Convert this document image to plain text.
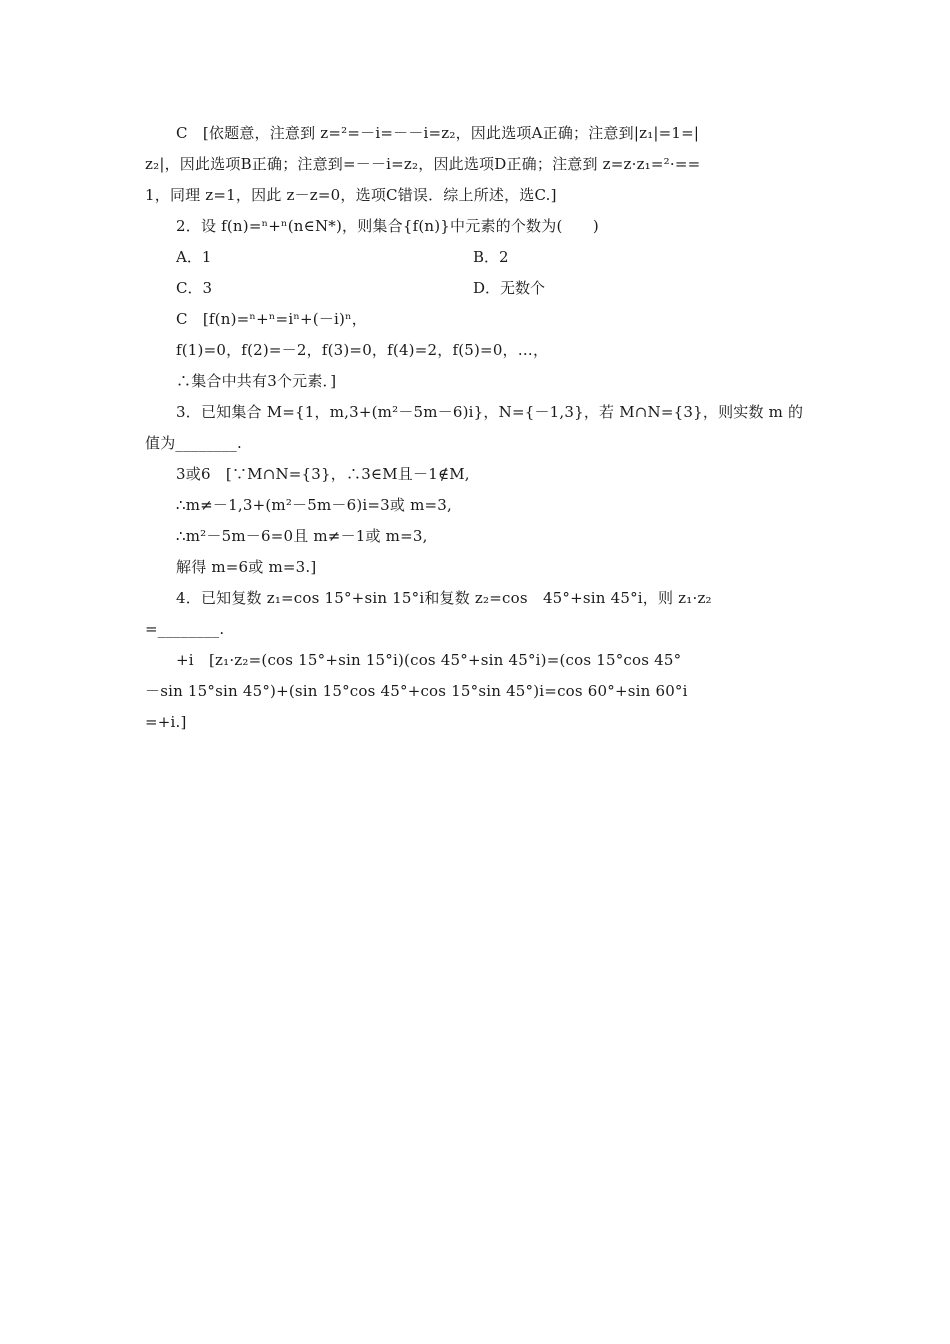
C　[依题意，注意到 z=²=－i=－－i=z₂，因此选项A正确；注意到|z₁|=1=|
z₂|，因此选项B正确；注意到=－－i=z₂，因此选项D正确；注意到 z=z·z₁=²·==
1，同理 z=1，因此 z－z=0，选项C错误．综上所述，选C.]
2．设 f(n)=ⁿ+ⁿ(n∈N*)，则集合{f(n)}中元素的个数为(　　)
A．1	B．2
C．3	D．无数个
C　[f(n)=ⁿ+ⁿ=iⁿ+(－i)ⁿ，
f(1)=0，f(2)=－2，f(3)=0，f(4)=2，f(5)=0，…，
∴集合中共有3个元素．]
3．已知集合 M={1，m,3+(m²－5m－6)i}，N={－1,3}，若 M∩N={3}，则实数 m 的
值为________.
3或6　[∵M∩N={3}，∴3∈M且－1∉M,
∴m≠－1,3+(m²－5m－6)i=3或 m=3,
∴m²－5m－6=0且 m≠－1或 m=3,
解得 m=6或 m=3.]
4．已知复数 z₁=cos 15°+sin 15°i和复数 z₂=cos　45°+sin 45°i，则 z₁·z₂
=________.
+i　[z₁·z₂=(cos 15°+sin 15°i)(cos 45°+sin 45°i)=(cos 15°cos 45°
－sin 15°sin 45°)+(sin 15°cos 45°+cos 15°sin 45°)i=cos 60°+sin 60°i
=+i.]
